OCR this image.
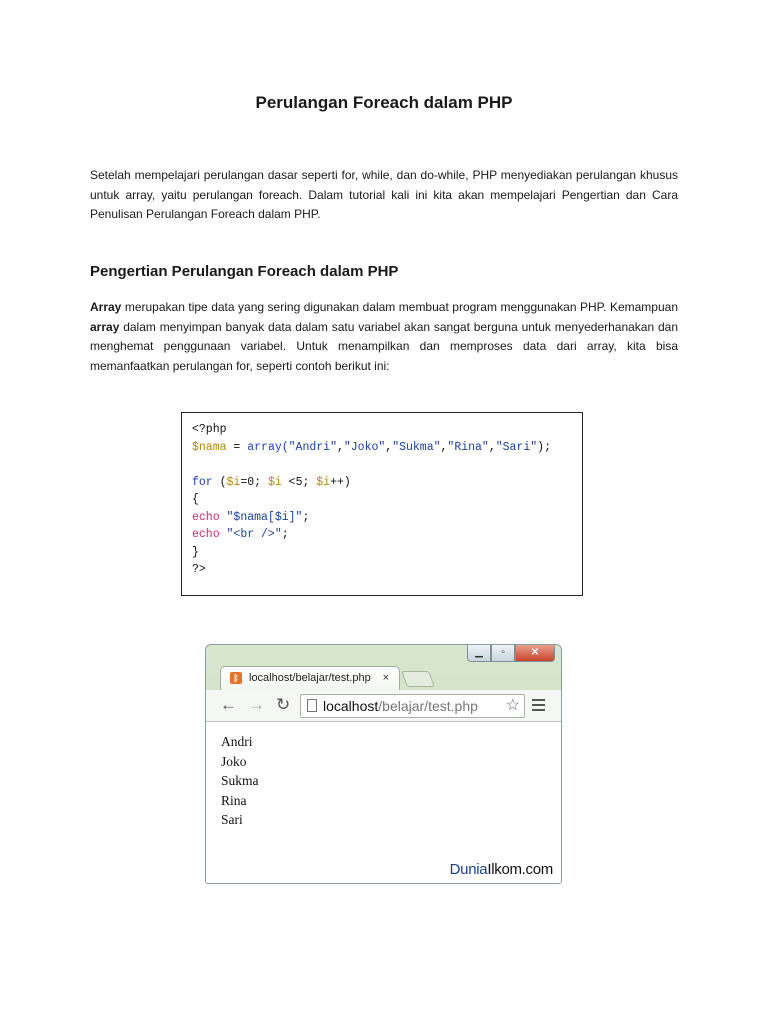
Perulangan Foreach dalam PHP
Setelah mempelajari perulangan dasar seperti for, while, dan do-while, PHP menyediakan perulangan khusus untuk array, yaitu perulangan foreach. Dalam tutorial kali ini kita akan mempelajari Pengertian dan Cara Penulisan Perulangan Foreach dalam PHP.
Pengertian Perulangan Foreach dalam PHP
Array merupakan tipe data yang sering digunakan dalam membuat program menggunakan PHP. Kemampuan array dalam menyimpan banyak data dalam satu variabel akan sangat berguna untuk menyederhanakan dan menghemat penggunaan variabel. Untuk menampilkan dan memproses data dari array, kita bisa memanfaatkan perulangan for, seperti contoh berikut ini:
<?php
$nama = array("Andri","Joko","Sukma","Rina","Sari");
for ($i=0; $i <5; $i++)
{
echo "$nama[$i]";
echo "<br />";
}
?>
▁	▫	✕
ᛒ localhost/belajar/test.php ×
← → ↻ localhost/belajar/test.php ☆
Andri
Joko
Sukma
Rina
Sari
DuniaIlkom.com
